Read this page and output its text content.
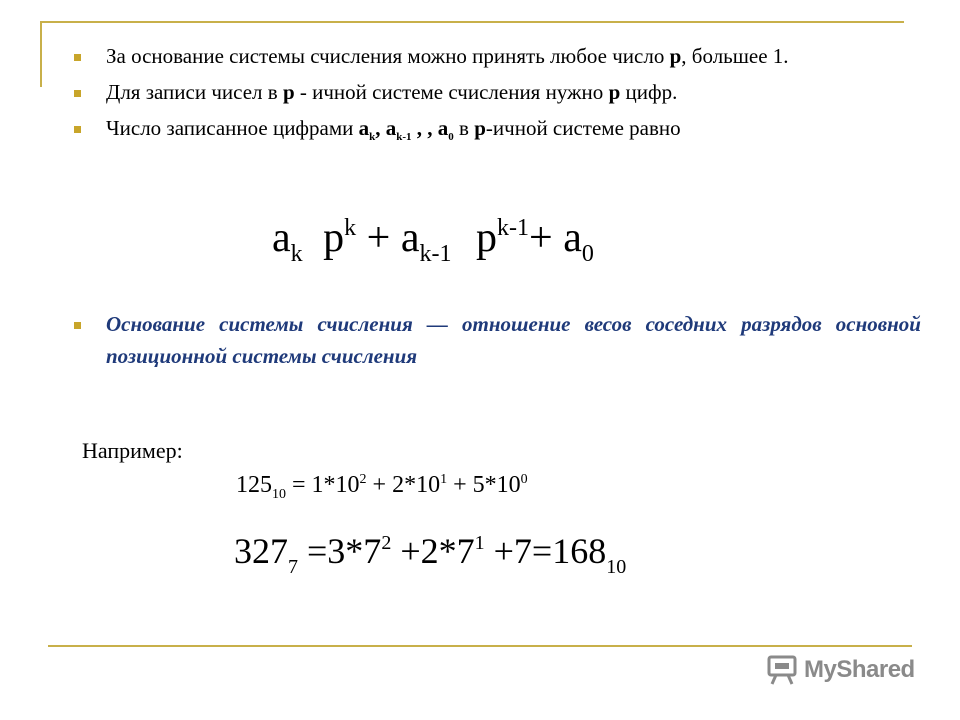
За основание системы счисления можно принять любое число p, большее 1.
Для записи чисел в p - ичной системе счисления нужно p цифр.
Число записанное цифрами $a_k$, $a_{k-1}$ , , $a_0$ в p-ичной системе равно
$a_k$ $p^k + a_{k-1}$ $p^{k-1}+ a_0$
Основание системы счисления — отношение весов соседних разрядов основной позиционной системы счисления
Например:
$125_{10} = 1*10^2 + 2*10^1 + 5*10^0$
$327_7 =3*7^2 +2*7^1 +7=168_{10}$
MyShared
